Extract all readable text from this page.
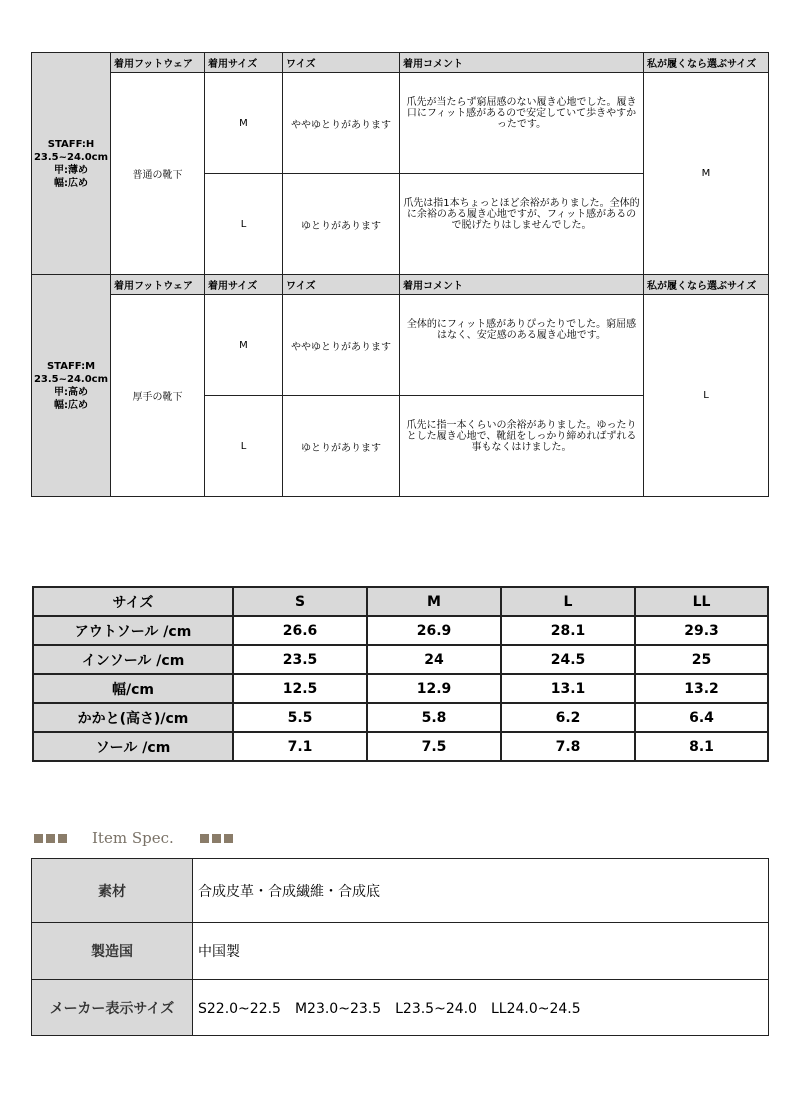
STAFF:H
23.5~24.0cm
甲:薄め
幅:広め	着用フットウェア	着用サイズ	ワイズ	着用コメント	私が履くなら選ぶサイズ
	普通の靴下	M	ややゆとりがあります	爪先が当たらず窮屈感のない履き心地でした。履き口にフィット感があるので安定していて歩きやすかったです。	M
		L	ゆとりがあります	爪先は指1本ちょっとほど余裕がありました。全体的に余裕のある履き心地ですが、フィット感があるので脱げたりはしませんでした。	

STAFF:M
23.5~24.0cm
甲:高め
幅:広め	着用フットウェア	着用サイズ	ワイズ	着用コメント	私が履くなら選ぶサイズ
	厚手の靴下	M	ややゆとりがあります	全体的にフィット感がありぴったりでした。窮屈感はなく、安定感のある履き心地です。	L
		L	ゆとりがあります	爪先に指一本くらいの余裕がありました。ゆったりとした履き心地で、靴紐をしっかり締めればずれる事もなくはけました。	
サイズ	S	M	L	LL
アウトソール /cm	26.6	26.9	28.1	29.3
インソール /cm	23.5	24	24.5	25
幅/cm	12.5	12.9	13.1	13.2
かかと(高さ)/cm	5.5	5.8	6.2	6.4
ソール /cm	7.1	7.5	7.8	8.1
Item Spec.
素材	合成皮革・合成繊維・合成底
製造国	中国製
メーカー表示サイズ	S22.0~22.5　M23.0~23.5　L23.5~24.0　LL24.0~24.5
